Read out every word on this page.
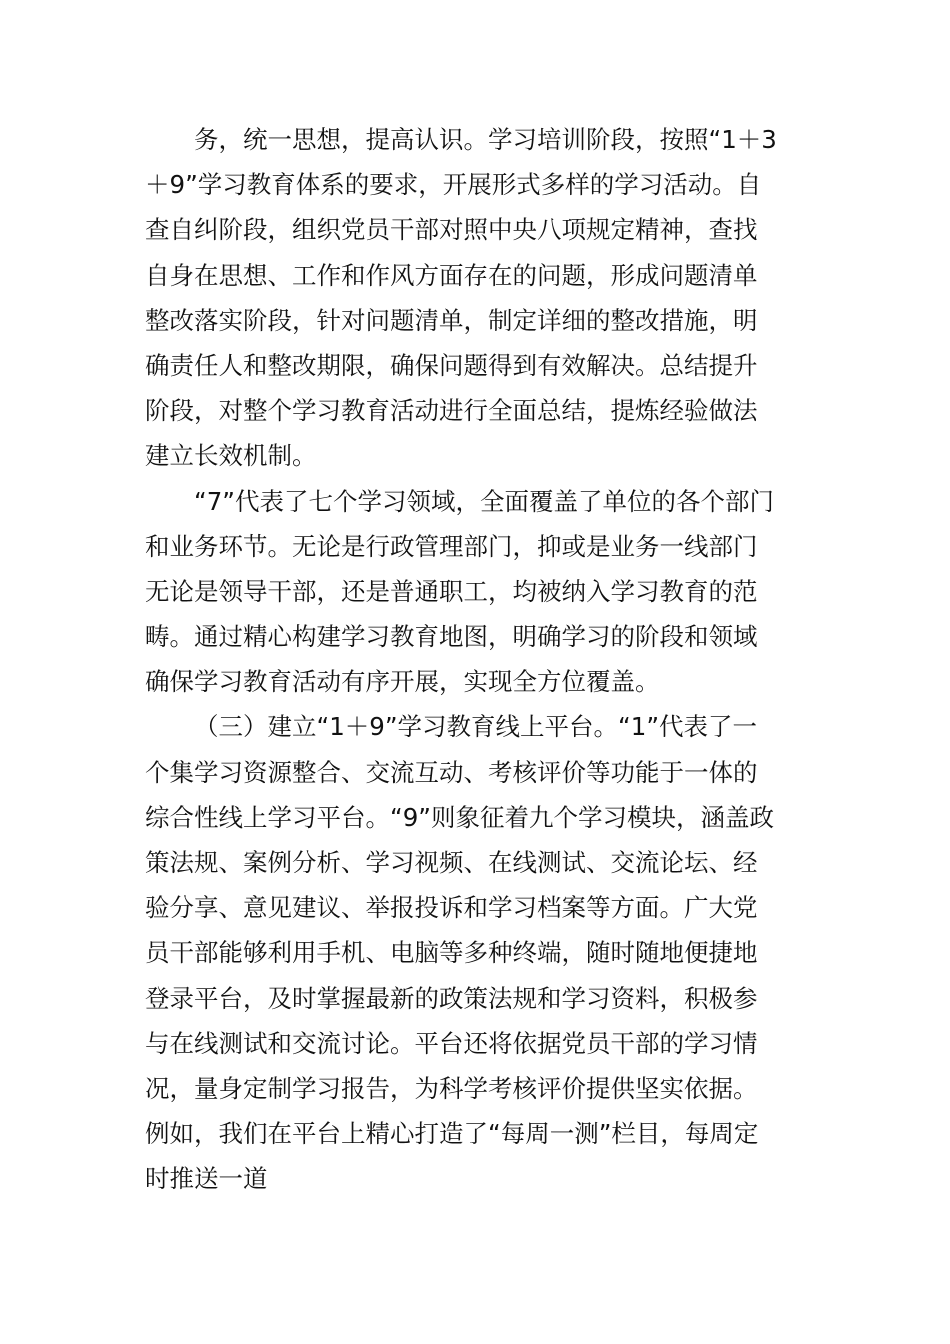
务，统一思想，提高认识。学习培训阶段，按照“1＋3
＋9”学习教育体系的要求，开展形式多样的学习活动。自
查自纠阶段，组织党员干部对照中央八项规定精神，查找
自身在思想、工作和作风方面存在的问题，形成问题清单
整改落实阶段，针对问题清单，制定详细的整改措施，明
确责任人和整改期限，确保问题得到有效解决。总结提升
阶段，对整个学习教育活动进行全面总结，提炼经验做法
建立长效机制。
“7”代表了七个学习领域，全面覆盖了单位的各个部门
和业务环节。无论是行政管理部门，抑或是业务一线部门
无论是领导干部，还是普通职工，均被纳入学习教育的范
畴。通过精心构建学习教育地图，明确学习的阶段和领域
确保学习教育活动有序开展，实现全方位覆盖。
（三）建立“1＋9”学习教育线上平台。“1”代表了一
个集学习资源整合、交流互动、考核评价等功能于一体的
综合性线上学习平台。“9”则象征着九个学习模块，涵盖政
策法规、案例分析、学习视频、在线测试、交流论坛、经
验分享、意见建议、举报投诉和学习档案等方面。广大党
员干部能够利用手机、电脑等多种终端，随时随地便捷地
登录平台，及时掌握最新的政策法规和学习资料，积极参
与在线测试和交流讨论。平台还将依据党员干部的学习情
况，量身定制学习报告，为科学考核评价提供坚实依据。
例如，我们在平台上精心打造了“每周一测”栏目，每周定
时推送一道
